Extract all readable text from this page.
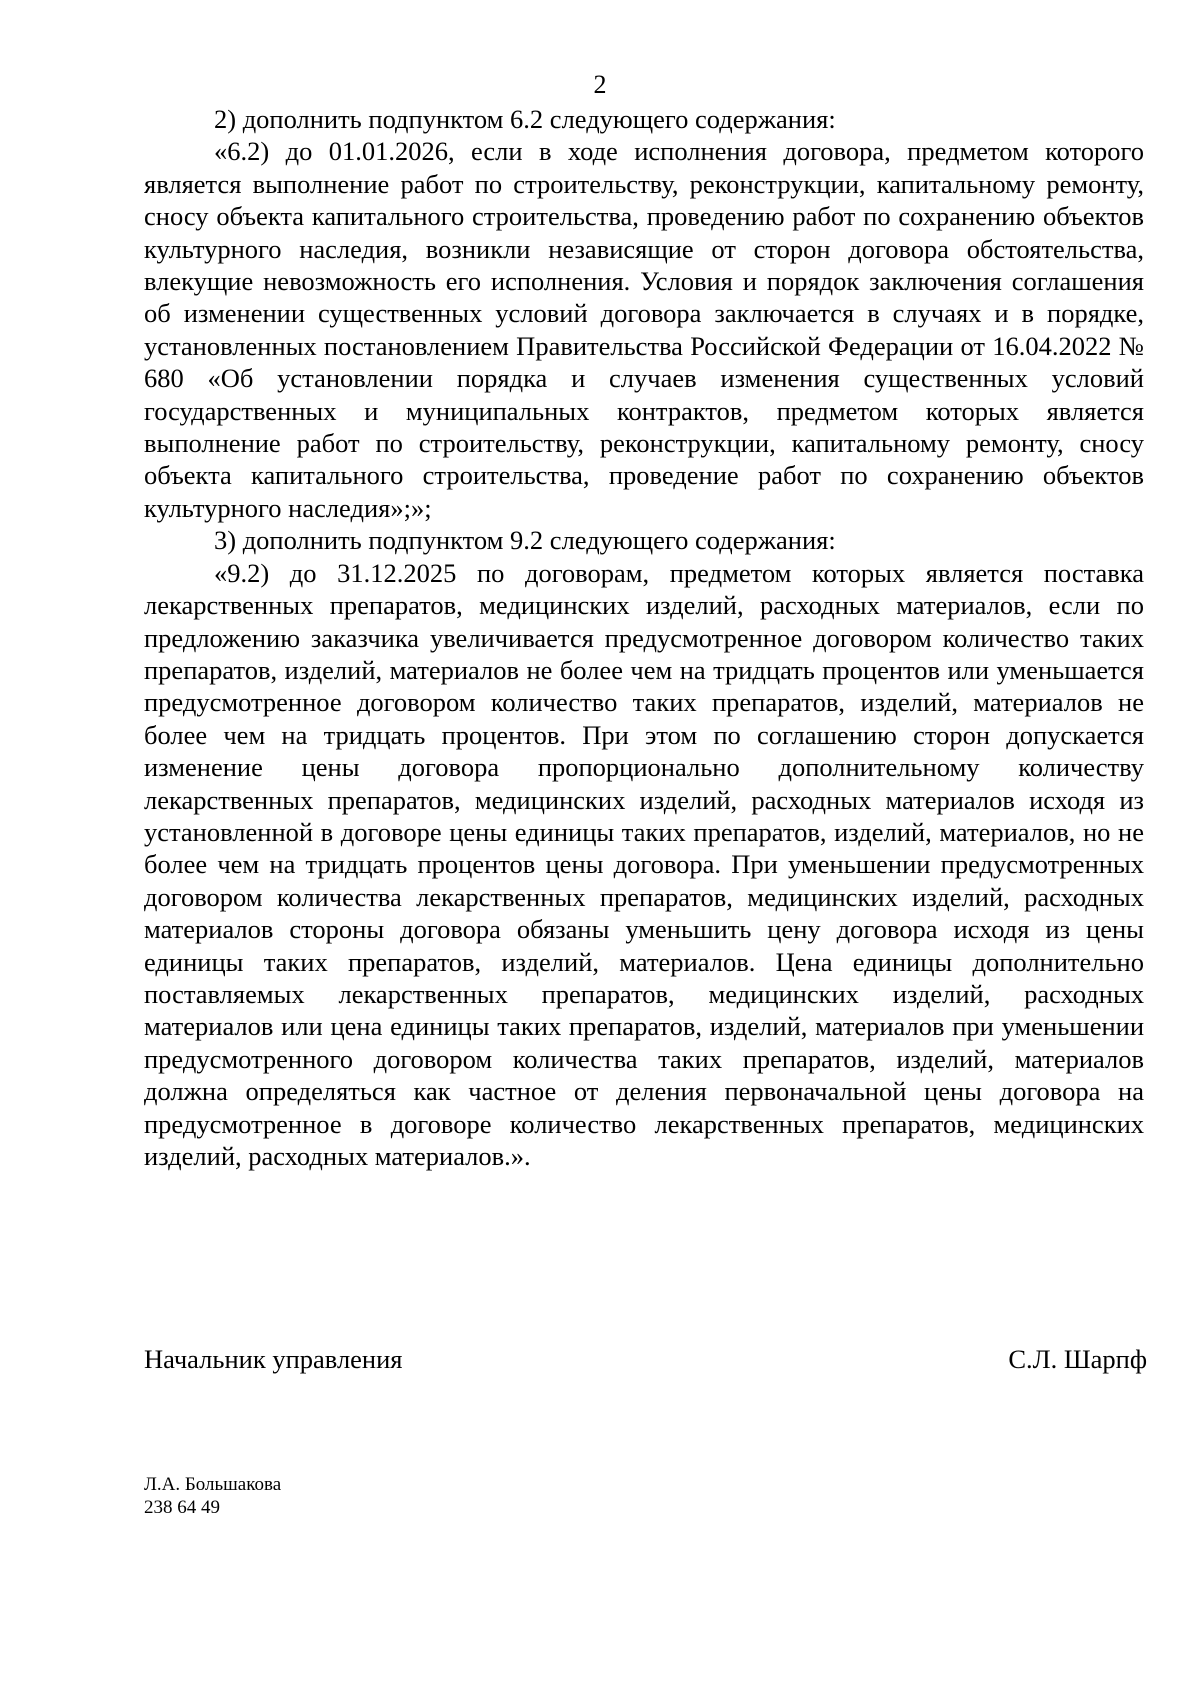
2

2) дополнить подпунктом 6.2 следующего содержания:

«6.2) до 01.01.2026, если в ходе исполнения договора, предметом которого является выполнение работ по строительству, реконструкции, капитальному ремонту, сносу объекта капитального строительства, проведению работ по сохранению объектов культурного наследия, возникли независящие от сторон договора обстоятельства, влекущие невозможность его исполнения. Условия и порядок заключения соглашения об изменении существенных условий договора заключается в случаях и в порядке, установленных постановлением Правительства Российской Федерации от 16.04.2022 № 680 «Об установлении порядка и случаев изменения существенных условий государственных и муниципальных контрактов, предметом которых является выполнение работ по строительству, реконструкции, капитальному ремонту, сносу объекта капитального строительства, проведение работ по сохранению объектов культурного наследия»;»;

3) дополнить подпунктом 9.2 следующего содержания:

«9.2) до 31.12.2025 по договорам, предметом которых является поставка лекарственных препаратов, медицинских изделий, расходных материалов, если по предложению заказчика увеличивается предусмотренное договором количество таких препаратов, изделий, материалов не более чем на тридцать процентов или уменьшается предусмотренное договором количество таких препаратов, изделий, материалов не более чем на тридцать процентов. При этом по соглашению сторон допускается изменение цены договора пропорционально дополнительному количеству лекарственных препаратов, медицинских изделий, расходных материалов исходя из установленной в договоре цены единицы таких препаратов, изделий, материалов, но не более чем на тридцать процентов цены договора. При уменьшении предусмотренных договором количества лекарственных препаратов, медицинских изделий, расходных материалов стороны договора обязаны уменьшить цену договора исходя из цены единицы таких препаратов, изделий, материалов. Цена единицы дополнительно поставляемых лекарственных препаратов, медицинских изделий, расходных материалов или цена единицы таких препаратов, изделий, материалов при уменьшении предусмотренного договором количества таких препаратов, изделий, материалов должна определяться как частное от деления первоначальной цены договора на предусмотренное в договоре количество лекарственных препаратов, медицинских изделий, расходных материалов.».

Начальник управления	С.Л. Шарпф
Л.А. Большакова
238 64 49
